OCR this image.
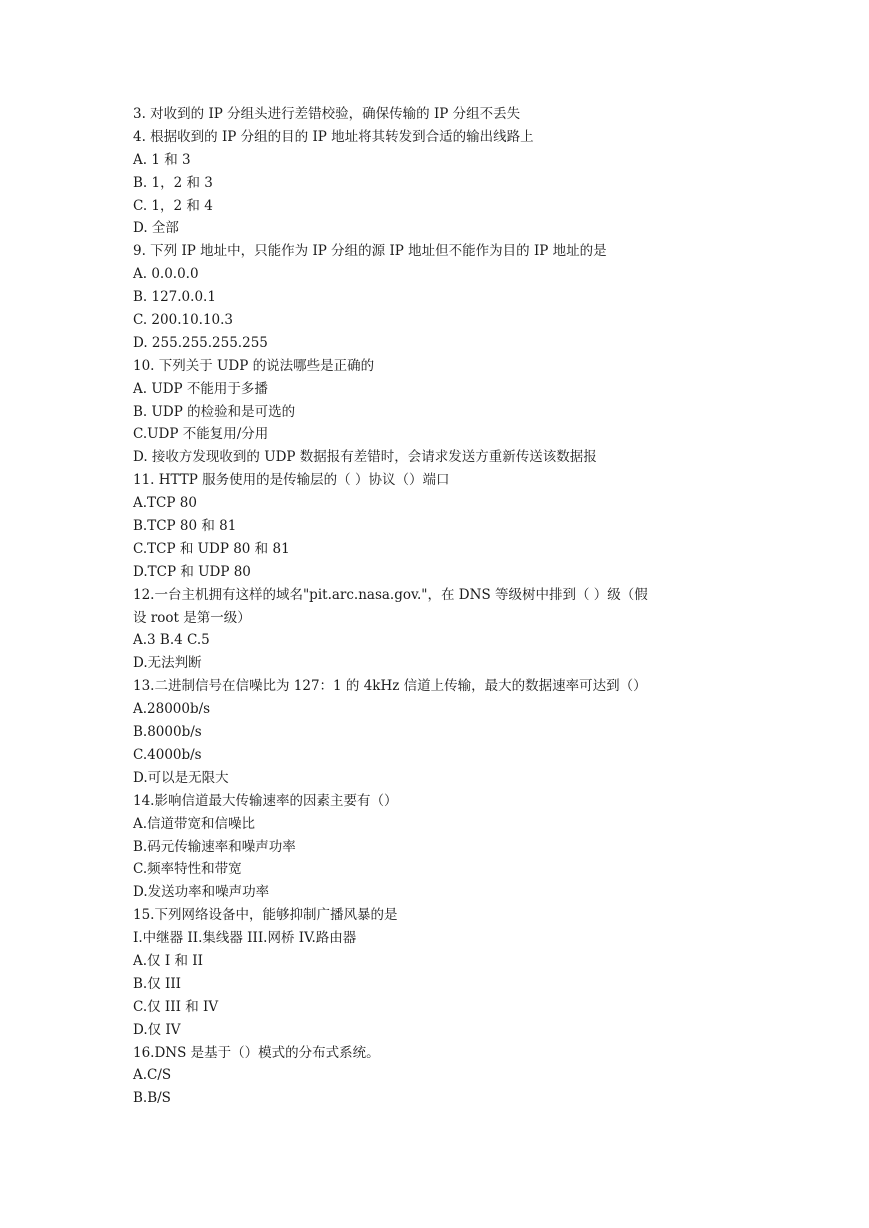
3. 对收到的 IP 分组头进行差错校验，确保传输的 IP 分组不丢失

4. 根据收到的 IP 分组的目的 IP 地址将其转发到合适的输出线路上

A. 1 和 3

B. 1，2 和 3

C. 1，2 和 4

D. 全部

9. 下列 IP 地址中，只能作为 IP 分组的源 IP 地址但不能作为目的 IP 地址的是

A. 0.0.0.0

B. 127.0.0.1

C. 200.10.10.3

D. 255.255.255.255

10. 下列关于 UDP 的说法哪些是正确的

A. UDP 不能用于多播

B. UDP 的检验和是可选的

C.UDP 不能复用/分用

D. 接收方发现收到的 UDP 数据报有差错时，会请求发送方重新传送该数据报

11. HTTP 服务使用的是传输层的（ ）协议（）端口

A.TCP 80

B.TCP 80 和 81

C.TCP 和 UDP 80 和 81

D.TCP 和 UDP 80

12.一台主机拥有这样的域名"pit.arc.nasa.gov."，在 DNS 等级树中排到（ ）级（假

设 root 是第一级）

A.3 B.4 C.5

D.无法判断

13.二进制信号在信噪比为 127：1 的 4kHz 信道上传输，最大的数据速率可达到（）

A.28000b/s

B.8000b/s

C.4000b/s

D.可以是无限大

14.影响信道最大传输速率的因素主要有（）

A.信道带宽和信噪比

B.码元传输速率和噪声功率

C.频率特性和带宽

D.发送功率和噪声功率

15.下列网络设备中，能够抑制广播风暴的是

I.中继器 II.集线器 III.网桥 IV.路由器

A.仅 I 和 II

B.仅 III

C.仅 III 和 IV

D.仅 IV

16.DNS 是基于（）模式的分布式系统。

A.C/S

B.B/S
